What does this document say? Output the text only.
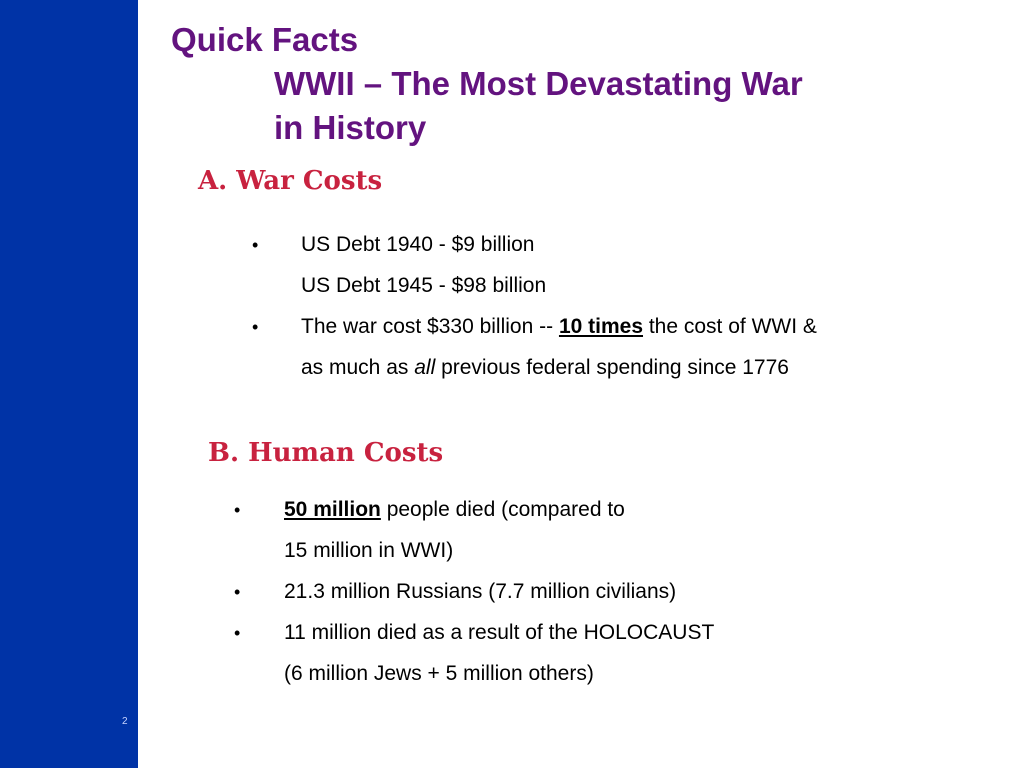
2
Quick Facts
WWII – The Most Devastating War
in History
A. War Costs
• US Debt 1940 - $9 billion
US Debt 1945 - $98 billion
• The war cost $330 billion -- 10 times the cost of WWI &
as much as all previous federal spending since 1776
B. Human Costs
• 50 million people died (compared to
15 million in WWI)
• 21.3 million Russians (7.7 million civilians)
• 11 million died as a result of the HOLOCAUST
(6 million Jews + 5 million others)
